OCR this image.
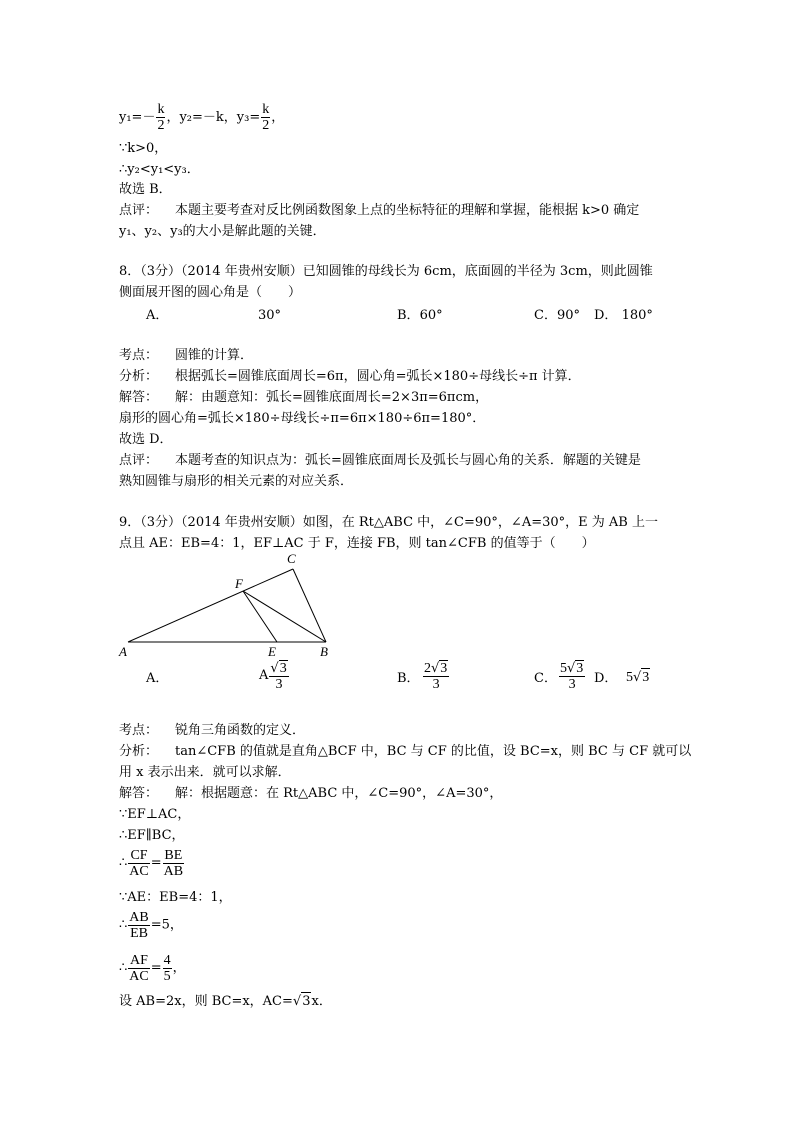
$y_1=- \frac{k}{2}$ ，y₂=－k，$y_3= \frac{k}{2}$ ，
∵k>0，
∴y₂<y₁<y₃．
故选 B．
点评： 本题主要考查对反比例函数图象上点的坐标特征的理解和掌握，能根据 k>0 确定
y₁、y₂、y₃的大小是解此题的关键．
8．（3分）（2014 年贵州安顺）已知圆锥的母线长为 6cm，底面圆的半径为 3cm，则此圆锥
侧面展开图的圆心角是（　　）
A．	30°	B．60°	C．90° D． 180°
考点： 圆锥的计算．
分析： 根据弧长=圆锥底面周长=6π，圆心角=弧长×180÷母线长÷π 计算．
解答： 解：由题意知：弧长=圆锥底面周长=2×3π=6πcm，
扇形的圆心角=弧长×180÷母线长÷π=6π×180÷6π=180°．
故选 D．
点评： 本题考查的知识点为：弧长=圆锥底面周长及弧长与圆心角的关系．解题的关键是
熟知圆锥与扇形的相关元素的对应关系．
9．（3分）（2014 年贵州安顺）如图，在 Rt△ABC 中，∠C=90°，∠A=30°，E 为 AB 上一
点且 AE：EB=4：1，EF⊥AC 于 F，连接 FB，则 tan∠CFB 的值等于（　　）
A	E	B
C
F
A．	A $\frac{√3}{3}$	B． $\frac{2√3}{3}$	C． $\frac{5√3}{3}$ D． 5√3
考点： 锐角三角函数的定义．
分析： tan∠CFB 的值就是直角△BCF 中，BC 与 CF 的比值，设 BC=x，则 BC 与 CF 就可以
用 x 表示出来．就可以求解．
解答： 解：根据题意：在 Rt△ABC 中，∠C=90°，∠A=30°，
∵EF⊥AC，
∴EF∥BC，
∴ $\frac{CF}{AC} = \frac{BE}{AB}$
∵AE：EB=4：1，
∴ $\frac{AB}{EB} =5$，
∴ $\frac{AF}{AC} = \frac{4}{5}$ ，
设 AB=2x，则 BC=x，AC=√3x．
